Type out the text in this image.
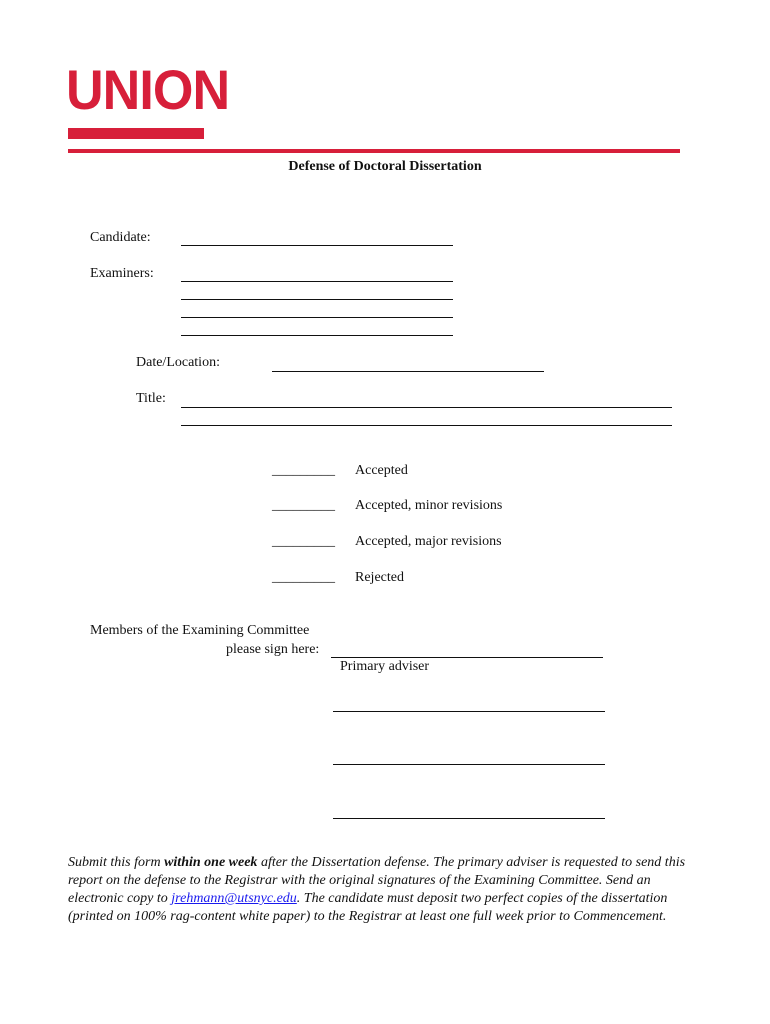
UNION
Defense of Doctoral Dissertation
Candidate:
Examiners:
Date/Location:
Title:
_________ Accepted
_________ Accepted, minor revisions
_________ Accepted, major revisions
_________ Rejected
Members of the Examining Committee
please sign here:
Primary adviser
Submit this form within one week after the Dissertation defense. The primary adviser is requested to send this report on the defense to the Registrar with the original signatures of the Examining Committee. Send an electronic copy to jrehmann@utsnyc.edu. The candidate must deposit two perfect copies of the dissertation (printed on 100% rag-content white paper) to the Registrar at least one full week prior to Commencement.
